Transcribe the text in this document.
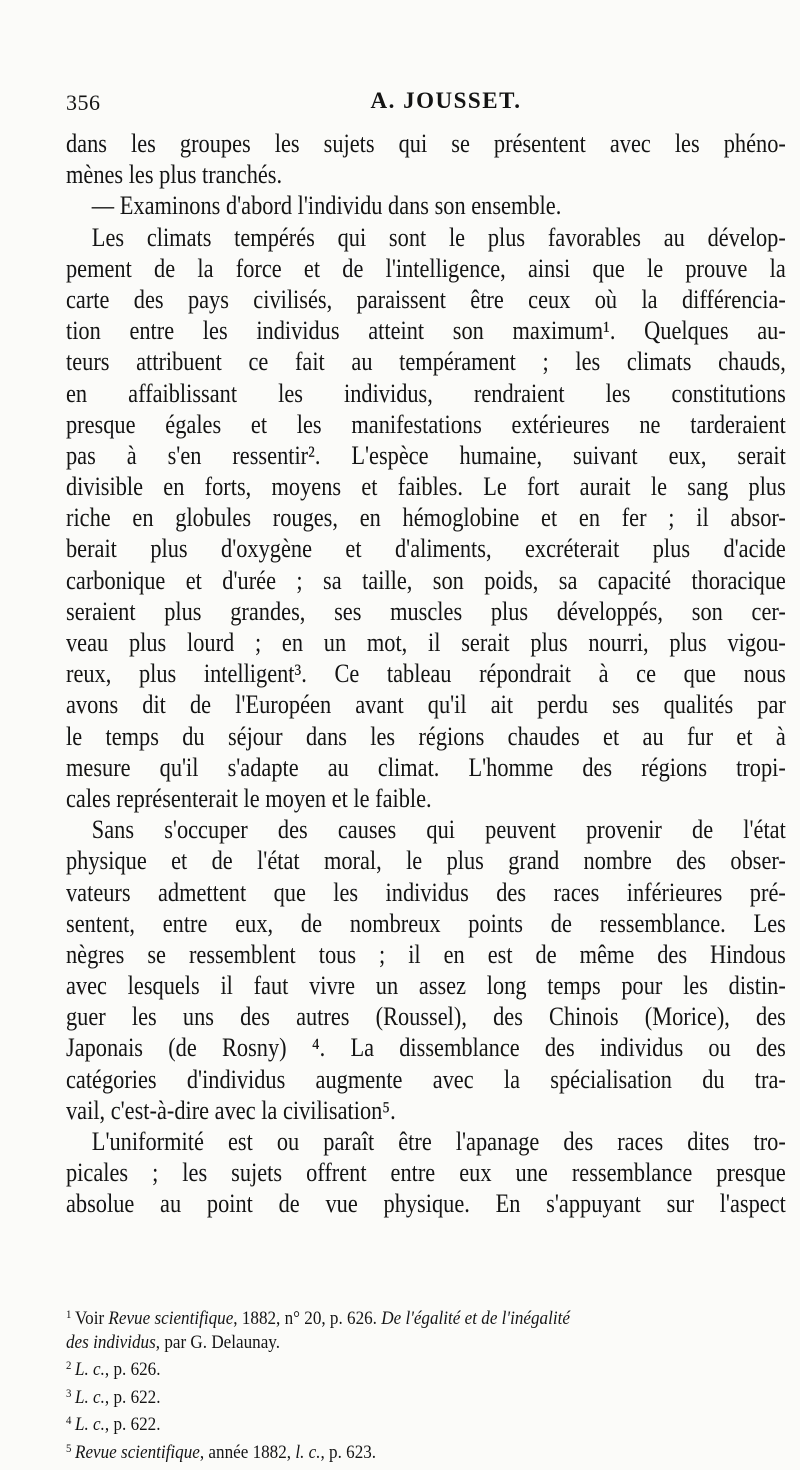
356	A. JOUSSET.
dans les groupes les sujets qui se présentent avec les phéno-
mènes les plus tranchés.
— Examinons d'abord l'individu dans son ensemble.
Les climats tempérés qui sont le plus favorables au dévelop-
pement de la force et de l'intelligence, ainsi que le prouve la
carte des pays civilisés, paraissent être ceux où la différencia-
tion entre les individus atteint son maximum¹. Quelques au-
teurs attribuent ce fait au tempérament ; les climats chauds,
en affaiblissant les individus, rendraient les constitutions
presque égales et les manifestations extérieures ne tarderaient
pas à s'en ressentir². L'espèce humaine, suivant eux, serait
divisible en forts, moyens et faibles. Le fort aurait le sang plus
riche en globules rouges, en hémoglobine et en fer ; il absor-
berait plus d'oxygène et d'aliments, excréterait plus d'acide
carbonique et d'urée ; sa taille, son poids, sa capacité thoracique
seraient plus grandes, ses muscles plus développés, son cer-
veau plus lourd ; en un mot, il serait plus nourri, plus vigou-
reux, plus intelligent³. Ce tableau répondrait à ce que nous
avons dit de l'Européen avant qu'il ait perdu ses qualités par
le temps du séjour dans les régions chaudes et au fur et à
mesure qu'il s'adapte au climat. L'homme des régions tropi-
cales représenterait le moyen et le faible.
Sans s'occuper des causes qui peuvent provenir de l'état
physique et de l'état moral, le plus grand nombre des obser-
vateurs admettent que les individus des races inférieures pré-
sentent, entre eux, de nombreux points de ressemblance. Les
nègres se ressemblent tous ; il en est de même des Hindous
avec lesquels il faut vivre un assez long temps pour les distin-
guer les uns des autres (Roussel), des Chinois (Morice), des
Japonais (de Rosny) ⁴. La dissemblance des individus ou des
catégories d'individus augmente avec la spécialisation du tra-
vail, c'est-à-dire avec la civilisation⁵.
L'uniformité est ou paraît être l'apanage des races dites tro-
picales ; les sujets offrent entre eux une ressemblance presque
absolue au point de vue physique. En s'appuyant sur l'aspect
$^1$ Voir Revue scientifique, 1882, n° 20, p. 626. De l'égalité et de l'inégalité
des individus, par G. Delaunay.
$^2$ L. c., p. 626.
$^3$ L. c., p. 622.
$^4$ L. c., p. 622.
$^5$ Revue scientifique, année 1882, l. c., p. 623.
